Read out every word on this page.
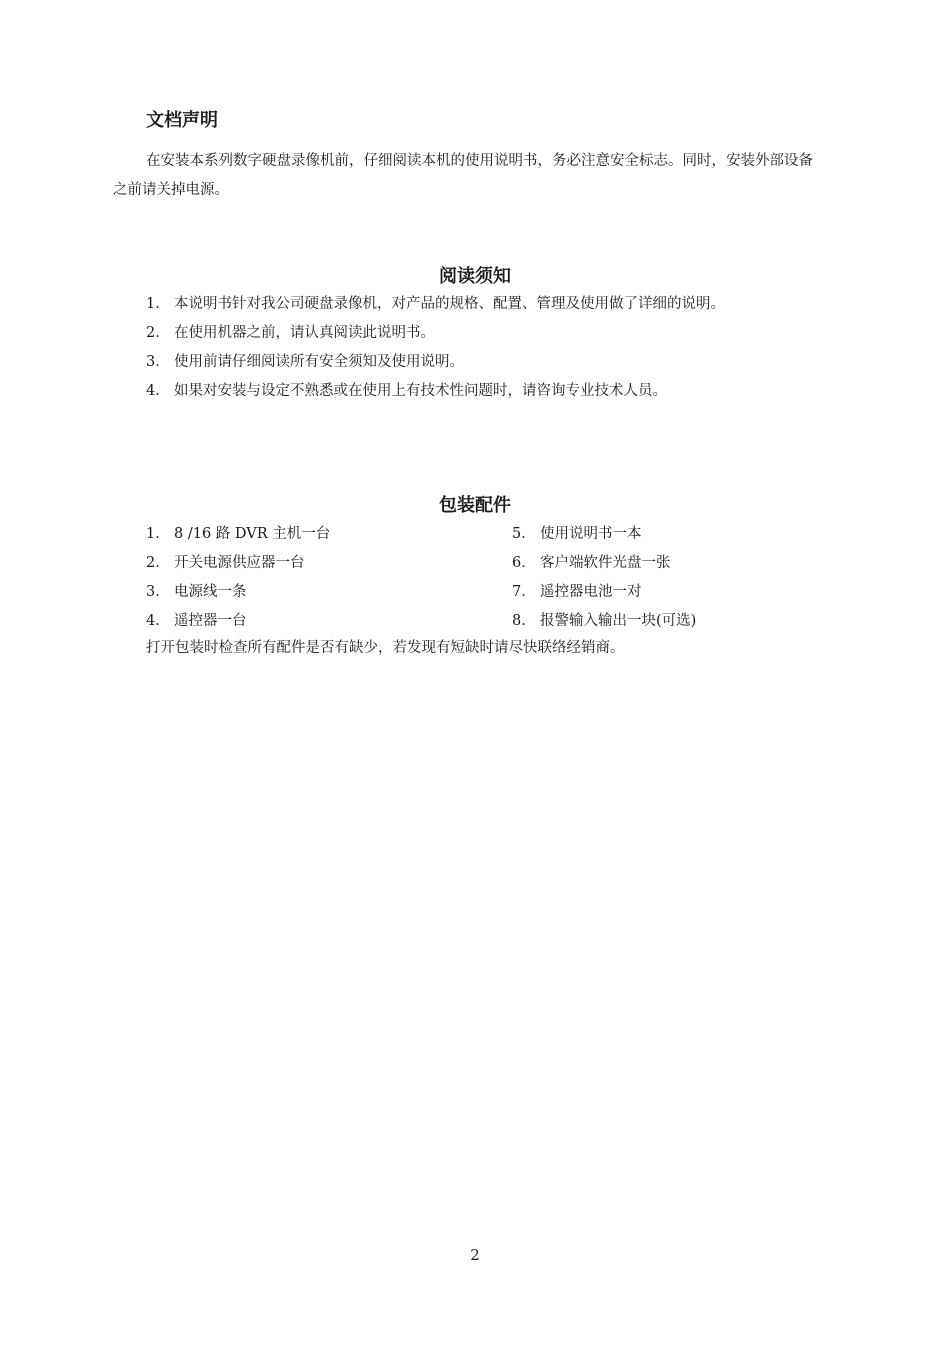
文档声明
在安装本系列数字硬盘录像机前，仔细阅读本机的使用说明书，务必注意安全标志。同时，安装外部设备之前请关掉电源。
阅读须知
1． 本说明书针对我公司硬盘录像机，对产品的规格、配置、管理及使用做了详细的说明。
2． 在使用机器之前，请认真阅读此说明书。
3． 使用前请仔细阅读所有安全须知及使用说明。
4． 如果对安装与设定不熟悉或在使用上有技术性问题时，请咨询专业技术人员。
包装配件
1． 8 /16 路 DVR 主机一台
2． 开关电源供应器一台
3． 电源线一条
4． 遥控器一台
5． 使用说明书一本
6． 客户端软件光盘一张
7． 遥控器电池一对
8． 报警输入输出一块(可选)
打开包装时检查所有配件是否有缺少，若发现有短缺时请尽快联络经销商。
2
